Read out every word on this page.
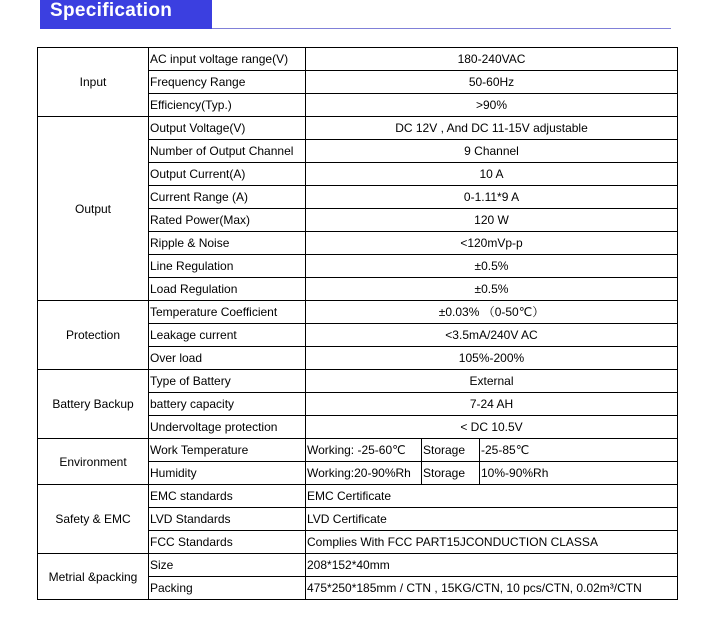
Specification
Input	AC input voltage range(V)	180-240VAC		
	Frequency Range	50-60Hz		
	Efficiency(Typ.)	>90%		
Output	Output Voltage(V)	DC 12V , And DC 11-15V adjustable		
	Number of Output Channel	9 Channel		
	Output Current(A)	10 A		
	Current Range (A)	0-1.11*9 A		
	Rated Power(Max)	120 W		
	Ripple & Noise	<120mVp-p		
	Line Regulation	±0.5%		
	Load Regulation	±0.5%		
Protection	Temperature Coefficient	±0.03% （0-50℃）		
	Leakage current	<3.5mA/240V AC		
	Over load	105%-200%		
Battery Backup	Type of Battery	External		
	battery capacity	7-24 AH		
	Undervoltage protection	< DC 10.5V		
Environment	Work Temperature	Working: -25-60℃	Storage	-25-85℃
	Humidity	Working:20-90%Rh	Storage	10%-90%Rh
Safety & EMC	EMC standards	EMC Certificate		
	LVD Standards	LVD Certificate		
	FCC Standards	Complies With FCC PART15JCONDUCTION CLASSA		
Metrial &packing	Size	208*152*40mm		
	Packing	475*250*185mm / CTN , 15KG/CTN, 10 pcs/CTN, 0.02m³/CTN		
